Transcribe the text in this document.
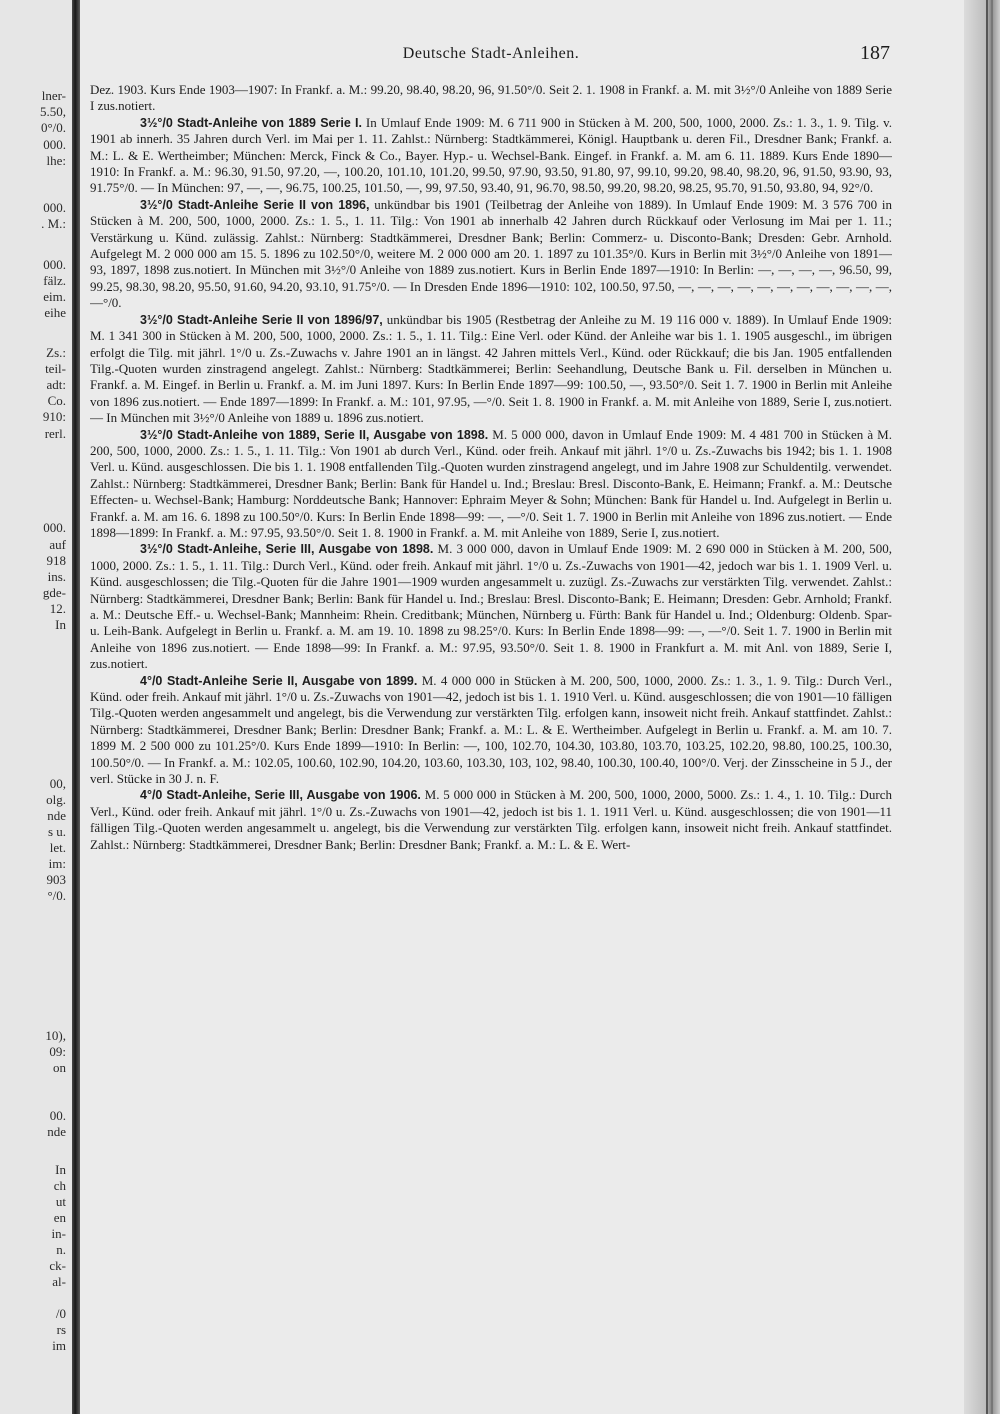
lner-
5.50,
0°/0.
000.
lhe:
000.
. M.:
000.
fälz.
eim.
eihe
Zs.:
teil-
adt:
Co.
910:
rerl.
000.
auf
918
ins.
gde-
12.
In
00,
olg.
nde
s u.
let.
im:
903
°/0.
10),
09:
on
00.
nde
In
ch
ut
en
in-
n.
ck-
al-
/0
rs
im
Deutsche Stadt-Anleihen.	187

Dez. 1903. Kurs Ende 1903—1907: In Frankf. a. M.: 99.20, 98.40, 98.20, 96, 91.50°/0. Seit 2. 1. 1908 in Frankf. a. M. mit 3½°/0 Anleihe von 1889 Serie I zus.notiert.

3½°/0 Stadt-Anleihe von 1889 Serie I. In Umlauf Ende 1909: M. 6 711 900 in Stücken à M. 200, 500, 1000, 2000. Zs.: 1. 3., 1. 9. Tilg. v. 1901 ab innerh. 35 Jahren durch Verl. im Mai per 1. 11. Zahlst.: Nürnberg: Stadtkämmerei, Königl. Hauptbank u. deren Fil., Dresdner Bank; Frankf. a. M.: L. & E. Wertheimber; München: Merck, Finck & Co., Bayer. Hyp.- u. Wechsel-Bank. Eingef. in Frankf. a. M. am 6. 11. 1889. Kurs Ende 1890—1910: In Frankf. a. M.: 96.30, 91.50, 97.20, —, 100.20, 101.10, 101.20, 99.50, 97.90, 93.50, 91.80, 97, 99.10, 99.20, 98.40, 98.20, 96, 91.50, 93.90, 93, 91.75°/0. — In München: 97, —, —, 96.75, 100.25, 101.50, —, 99, 97.50, 93.40, 91, 96.70, 98.50, 99.20, 98.20, 98.25, 95.70, 91.50, 93.80, 94, 92°/0.

3½°/0 Stadt-Anleihe Serie II von 1896, unkündbar bis 1901 (Teilbetrag der Anleihe von 1889). In Umlauf Ende 1909: M. 3 576 700 in Stücken à M. 200, 500, 1000, 2000. Zs.: 1. 5., 1. 11. Tilg.: Von 1901 ab innerhalb 42 Jahren durch Rückkauf oder Verlosung im Mai per 1. 11.; Verstärkung u. Künd. zulässig. Zahlst.: Nürnberg: Stadtkämmerei, Dresdner Bank; Berlin: Commerz- u. Disconto-Bank; Dresden: Gebr. Arnhold. Aufgelegt M. 2 000 000 am 15. 5. 1896 zu 102.50°/0, weitere M. 2 000 000 am 20. 1. 1897 zu 101.35°/0. Kurs in Berlin mit 3½°/0 Anleihe von 1891—93, 1897, 1898 zus.notiert. In München mit 3½°/0 Anleihe von 1889 zus.notiert. Kurs in Berlin Ende 1897—1910: In Berlin: —, —, —, —, 96.50, 99, 99.25, 98.30, 98.20, 95.50, 91.60, 94.20, 93.10, 91.75°/0. — In Dresden Ende 1896—1910: 102, 100.50, 97.50, —, —, —, —, —, —, —, —, —, —, —, —°/0.

3½°/0 Stadt-Anleihe Serie II von 1896/97, unkündbar bis 1905 (Restbetrag der Anleihe zu M. 19 116 000 v. 1889). In Umlauf Ende 1909: M. 1 341 300 in Stücken à M. 200, 500, 1000, 2000. Zs.: 1. 5., 1. 11. Tilg.: Eine Verl. oder Künd. der Anleihe war bis 1. 1. 1905 ausgeschl., im übrigen erfolgt die Tilg. mit jährl. 1°/0 u. Zs.-Zuwachs v. Jahre 1901 an in längst. 42 Jahren mittels Verl., Künd. oder Rückkauf; die bis Jan. 1905 entfallenden Tilg.-Quoten wurden zinstragend angelegt. Zahlst.: Nürnberg: Stadtkämmerei; Berlin: Seehandlung, Deutsche Bank u. Fil. derselben in München u. Frankf. a. M. Eingef. in Berlin u. Frankf. a. M. im Juni 1897. Kurs: In Berlin Ende 1897—99: 100.50, —, 93.50°/0. Seit 1. 7. 1900 in Berlin mit Anleihe von 1896 zus.notiert. — Ende 1897—1899: In Frankf. a. M.: 101, 97.95, —°/0. Seit 1. 8. 1900 in Frankf. a. M. mit Anleihe von 1889, Serie I, zus.notiert. — In München mit 3½°/0 Anleihe von 1889 u. 1896 zus.notiert.

3½°/0 Stadt-Anleihe von 1889, Serie II, Ausgabe von 1898. M. 5 000 000, davon in Umlauf Ende 1909: M. 4 481 700 in Stücken à M. 200, 500, 1000, 2000. Zs.: 1. 5., 1. 11. Tilg.: Von 1901 ab durch Verl., Künd. oder freih. Ankauf mit jährl. 1°/0 u. Zs.-Zuwachs bis 1942; bis 1. 1. 1908 Verl. u. Künd. ausgeschlossen. Die bis 1. 1. 1908 entfallenden Tilg.-Quoten wurden zinstragend angelegt, und im Jahre 1908 zur Schuldentilg. verwendet. Zahlst.: Nürnberg: Stadtkämmerei, Dresdner Bank; Berlin: Bank für Handel u. Ind.; Breslau: Bresl. Disconto-Bank, E. Heimann; Frankf. a. M.: Deutsche Effecten- u. Wechsel-Bank; Hamburg: Norddeutsche Bank; Hannover: Ephraim Meyer & Sohn; München: Bank für Handel u. Ind. Aufgelegt in Berlin u. Frankf. a. M. am 16. 6. 1898 zu 100.50°/0. Kurs: In Berlin Ende 1898—99: —, —°/0. Seit 1. 7. 1900 in Berlin mit Anleihe von 1896 zus.notiert. — Ende 1898—1899: In Frankf. a. M.: 97.95, 93.50°/0. Seit 1. 8. 1900 in Frankf. a. M. mit Anleihe von 1889, Serie I, zus.notiert.

3½°/0 Stadt-Anleihe, Serie III, Ausgabe von 1898. M. 3 000 000, davon in Umlauf Ende 1909: M. 2 690 000 in Stücken à M. 200, 500, 1000, 2000. Zs.: 1. 5., 1. 11. Tilg.: Durch Verl., Künd. oder freih. Ankauf mit jährl. 1°/0 u. Zs.-Zuwachs von 1901—42, jedoch war bis 1. 1. 1909 Verl. u. Künd. ausgeschlossen; die Tilg.-Quoten für die Jahre 1901—1909 wurden angesammelt u. zuzügl. Zs.-Zuwachs zur verstärkten Tilg. verwendet. Zahlst.: Nürnberg: Stadtkämmerei, Dresdner Bank; Berlin: Bank für Handel u. Ind.; Breslau: Bresl. Disconto-Bank; E. Heimann; Dresden: Gebr. Arnhold; Frankf. a. M.: Deutsche Eff.- u. Wechsel-Bank; Mannheim: Rhein. Creditbank; München, Nürnberg u. Fürth: Bank für Handel u. Ind.; Oldenburg: Oldenb. Spar- u. Leih-Bank. Aufgelegt in Berlin u. Frankf. a. M. am 19. 10. 1898 zu 98.25°/0. Kurs: In Berlin Ende 1898—99: —, —°/0. Seit 1. 7. 1900 in Berlin mit Anleihe von 1896 zus.notiert. — Ende 1898—99: In Frankf. a. M.: 97.95, 93.50°/0. Seit 1. 8. 1900 in Frankfurt a. M. mit Anl. von 1889, Serie I, zus.notiert.

4°/0 Stadt-Anleihe Serie II, Ausgabe von 1899. M. 4 000 000 in Stücken à M. 200, 500, 1000, 2000. Zs.: 1. 3., 1. 9. Tilg.: Durch Verl., Künd. oder freih. Ankauf mit jährl. 1°/0 u. Zs.-Zuwachs von 1901—42, jedoch ist bis 1. 1. 1910 Verl. u. Künd. ausgeschlossen; die von 1901—10 fälligen Tilg.-Quoten werden angesammelt und angelegt, bis die Verwendung zur verstärkten Tilg. erfolgen kann, insoweit nicht freih. Ankauf stattfindet. Zahlst.: Nürnberg: Stadtkämmerei, Dresdner Bank; Berlin: Dresdner Bank; Frankf. a. M.: L. & E. Wertheimber. Aufgelegt in Berlin u. Frankf. a. M. am 10. 7. 1899 M. 2 500 000 zu 101.25°/0. Kurs Ende 1899—1910: In Berlin: —, 100, 102.70, 104.30, 103.80, 103.70, 103.25, 102.20, 98.80, 100.25, 100.30, 100.50°/0. — In Frankf. a. M.: 102.05, 100.60, 102.90, 104.20, 103.60, 103.30, 103, 102, 98.40, 100.30, 100.40, 100°/0. Verj. der Zinsscheine in 5 J., der verl. Stücke in 30 J. n. F.

4°/0 Stadt-Anleihe, Serie III, Ausgabe von 1906. M. 5 000 000 in Stücken à M. 200, 500, 1000, 2000, 5000. Zs.: 1. 4., 1. 10. Tilg.: Durch Verl., Künd. oder freih. Ankauf mit jährl. 1°/0 u. Zs.-Zuwachs von 1901—42, jedoch ist bis 1. 1. 1911 Verl. u. Künd. ausgeschlossen; die von 1901—11 fälligen Tilg.-Quoten werden angesammelt u. angelegt, bis die Verwendung zur verstärkten Tilg. erfolgen kann, insoweit nicht freih. Ankauf stattfindet. Zahlst.: Nürnberg: Stadtkämmerei, Dresdner Bank; Berlin: Dresdner Bank; Frankf. a. M.: L. & E. Wert-
